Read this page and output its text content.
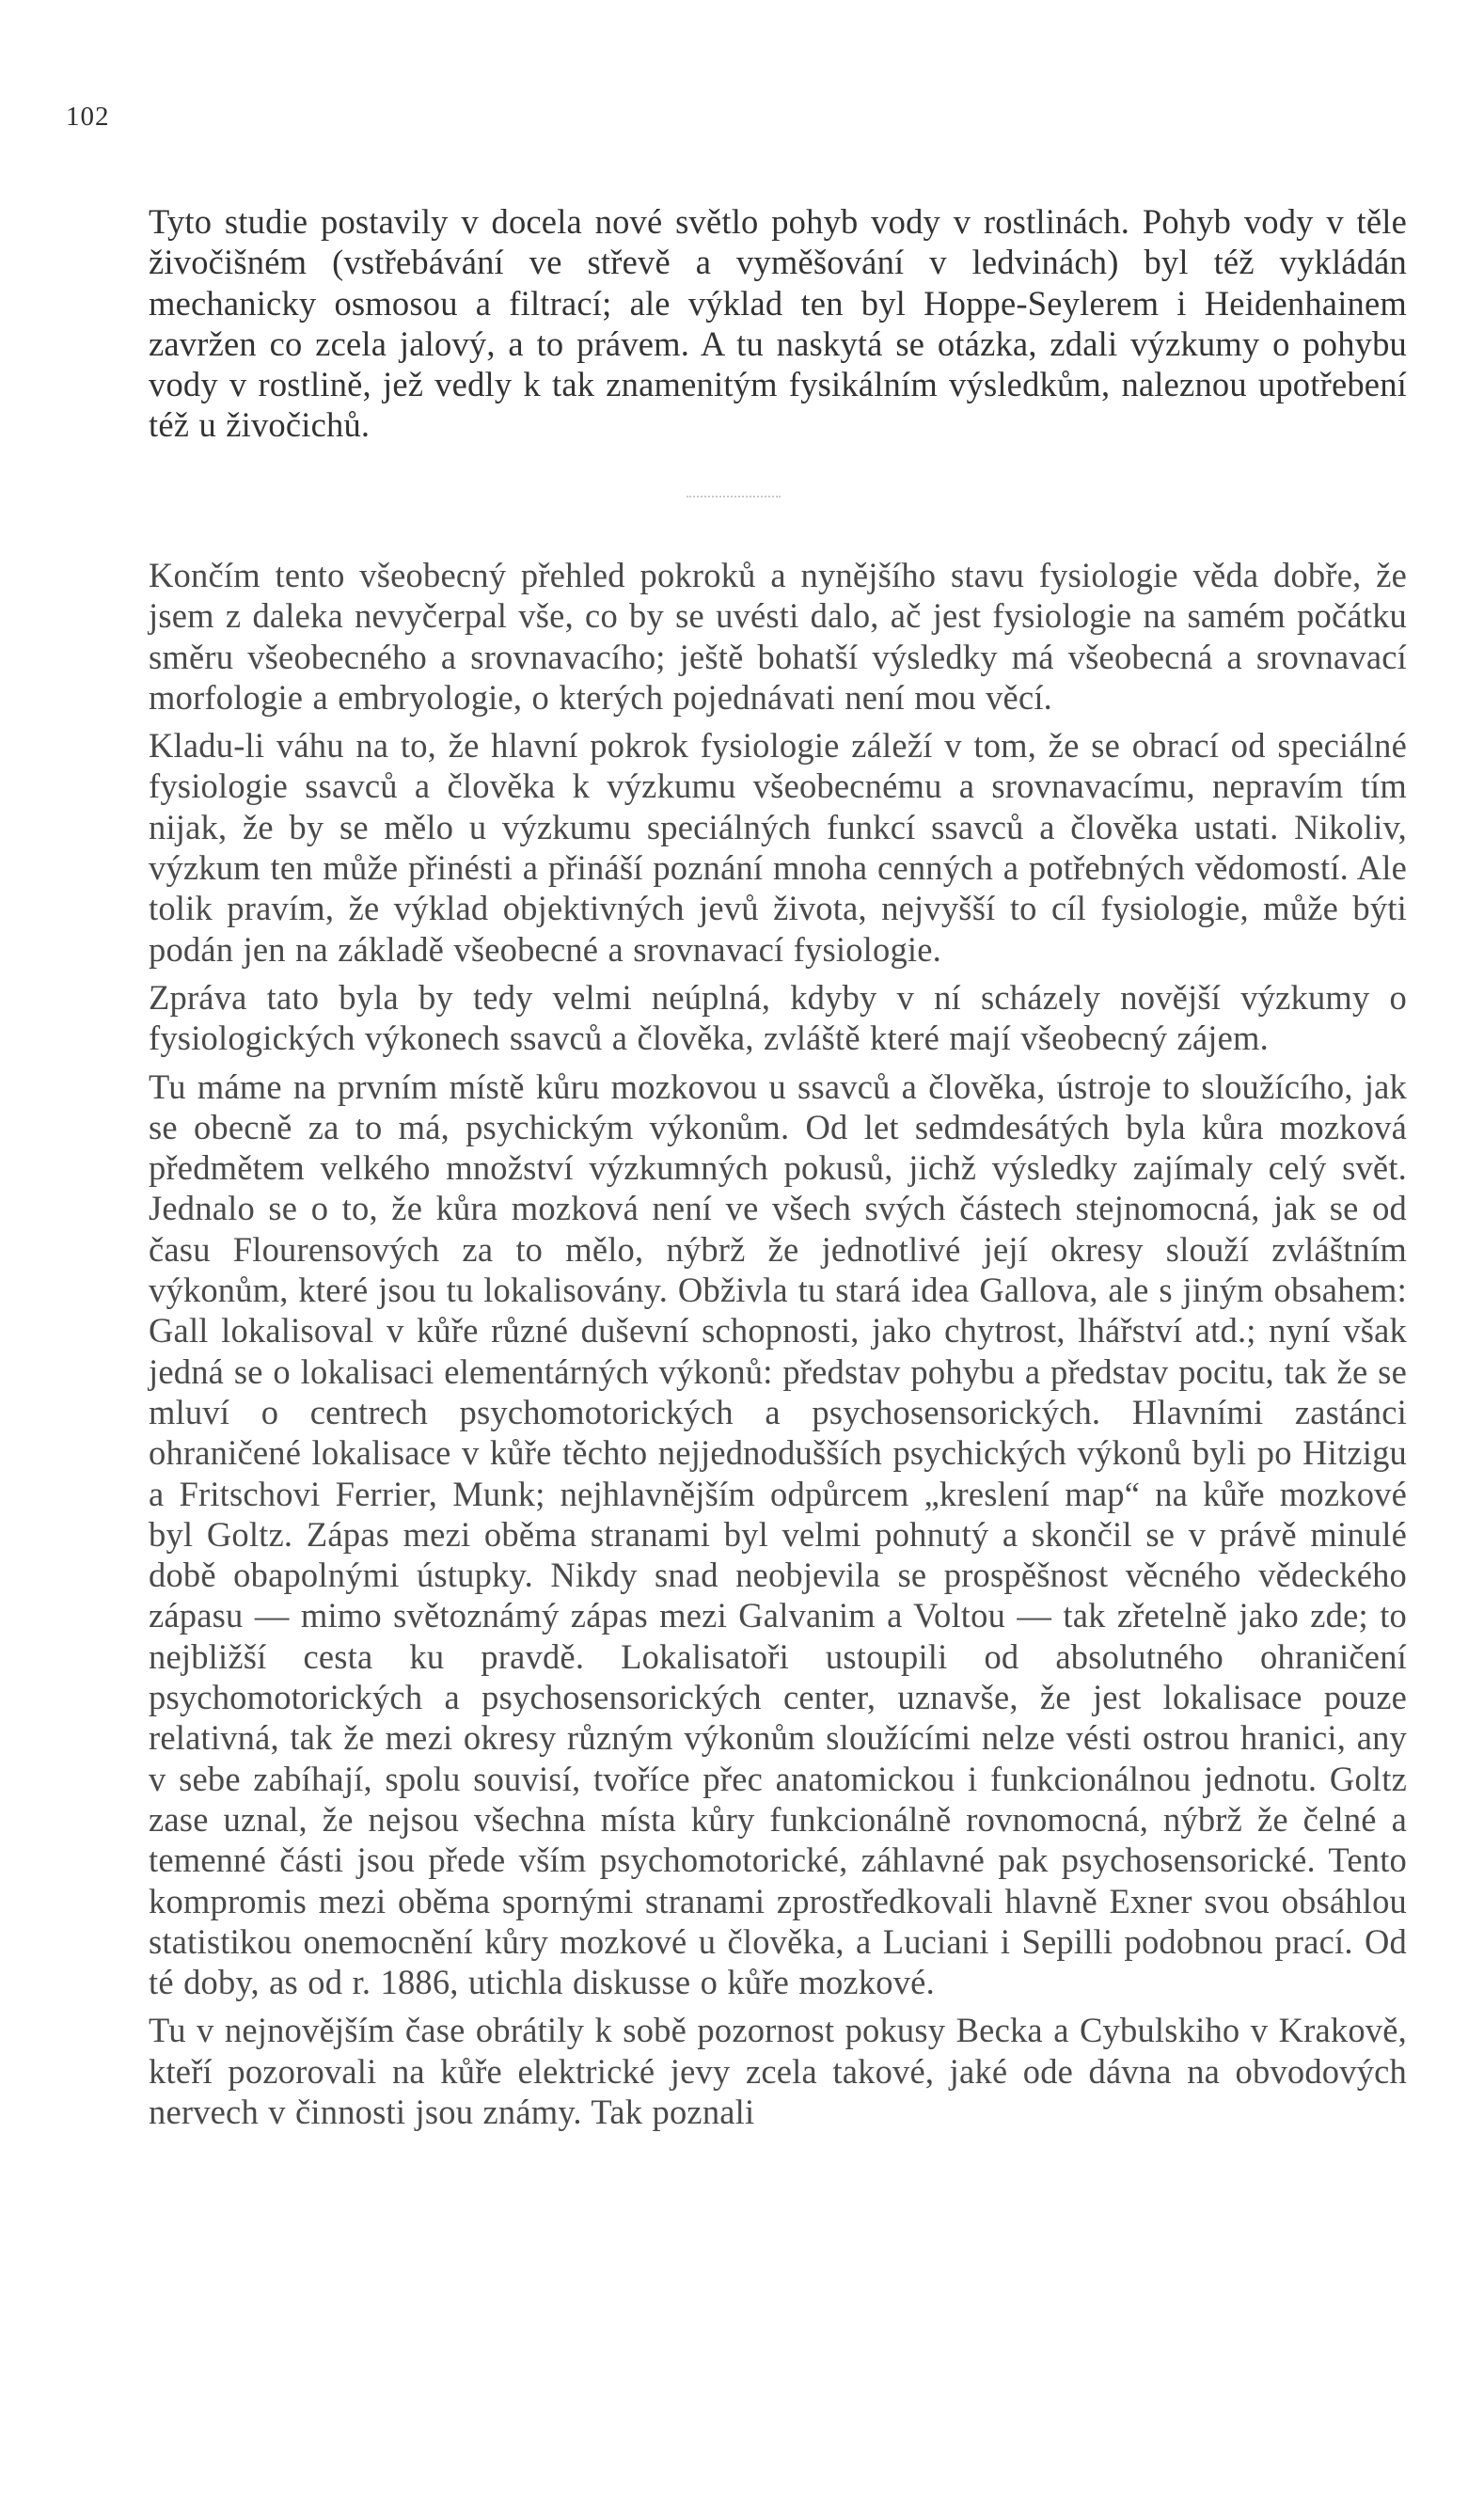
102

Tyto studie postavily v docela nové světlo pohyb vody v rostlinách. Pohyb vody v těle živočišném (vstřebávání ve střevě a vyměšování v ledvinách) byl též vykládán mechanicky osmosou a filtrací; ale výklad ten byl Hoppe-Seylerem i Heidenhainem zavržen co zcela jalový, a to právem. A tu naskytá se otázka, zdali výzkumy o pohybu vody v rostlině, jež vedly k tak znamenitým fysikálním výsledkům, naleznou upotřebení též u živočichů.

Končím tento všeobecný přehled pokroků a nynějšího stavu fysiologie věda dobře, že jsem z daleka nevyčerpal vše, co by se uvésti dalo, ač jest fysiologie na samém počátku směru všeobecného a srovnavacího; ještě bohatší výsledky má všeobecná a srovnavací morfologie a embryologie, o kterých pojednávati není mou věcí.

Kladu-li váhu na to, že hlavní pokrok fysiologie záleží v tom, že se obrací od speciálné fysiologie ssavců a člověka k výzkumu všeobecnému a srovnavacímu, nepravím tím nijak, že by se mělo u výzkumu speciálných funkcí ssavců a člověka ustati. Nikoliv, výzkum ten může přinésti a přináší poznání mnoha cenných a potřebných vědomostí. Ale tolik pravím, že výklad objektivných jevů života, nejvyšší to cíl fysiologie, může býti podán jen na základě všeobecné a srovnavací fysiologie.

Zpráva tato byla by tedy velmi neúplná, kdyby v ní scházely novější výzkumy o fysiologických výkonech ssavců a člověka, zvláště které mají všeobecný zájem.

Tu máme na prvním místě kůru mozkovou u ssavců a člověka, ústroje to sloužícího, jak se obecně za to má, psychickým výkonům. Od let sedmdesátých byla kůra mozková předmětem velkého množství výzkumných pokusů, jichž výsledky zajímaly celý svět. Jednalo se o to, že kůra mozková není ve všech svých částech stejnomocná, jak se od času Flourensových za to mělo, nýbrž že jednotlivé její okresy slouží zvláštním výkonům, které jsou tu lokalisovány. Obživla tu stará idea Gallova, ale s jiným obsahem: Gall lokalisoval v kůře různé duševní schopnosti, jako chytrost, lhářství atd.; nyní však jedná se o lokalisaci elementárných výkonů: představ pohybu a představ pocitu, tak že se mluví o centrech psychomotorických a psychosensorických. Hlavními zastánci ohraničené lokalisace v kůře těchto nejjednodušších psychických výkonů byli po Hitzigu a Fritschovi Ferrier, Munk; nejhlavnějším odpůrcem „kreslení map“ na kůře mozkové byl Goltz. Zápas mezi oběma stranami byl velmi pohnutý a skončil se v právě minulé době obapolnými ústupky. Nikdy snad neobjevila se prospěšnost věcného vědeckého zápasu — mimo světoznámý zápas mezi Galvanim a Voltou — tak zřetelně jako zde; to nejbližší cesta ku pravdě. Lokalisatoři ustoupili od absolutného ohraničení psychomotorických a psychosensorických center, uznavše, že jest lokalisace pouze relativná, tak že mezi okresy různým výkonům sloužícími nelze vésti ostrou hranici, any v sebe zabíhají, spolu souvisí, tvoříce přec anatomickou i funkcionálnou jednotu. Goltz zase uznal, že nejsou všechna místa kůry funkcionálně rovnomocná, nýbrž že čelné a temenné části jsou přede vším psychomotorické, záhlavné pak psychosensorické. Tento kompromis mezi oběma spornými stranami zprostředkovali hlavně Exner svou obsáhlou statistikou onemocnění kůry mozkové u člověka, a Luciani i Sepilli podobnou prací. Od té doby, as od r. 1886, utichla diskusse o kůře mozkové.

Tu v nejnovějším čase obrátily k sobě pozornost pokusy Becka a Cybulskiho v Krakově, kteří pozorovali na kůře elektrické jevy zcela takové, jaké ode dávna na obvodových nervech v činnosti jsou známy. Tak poznali
